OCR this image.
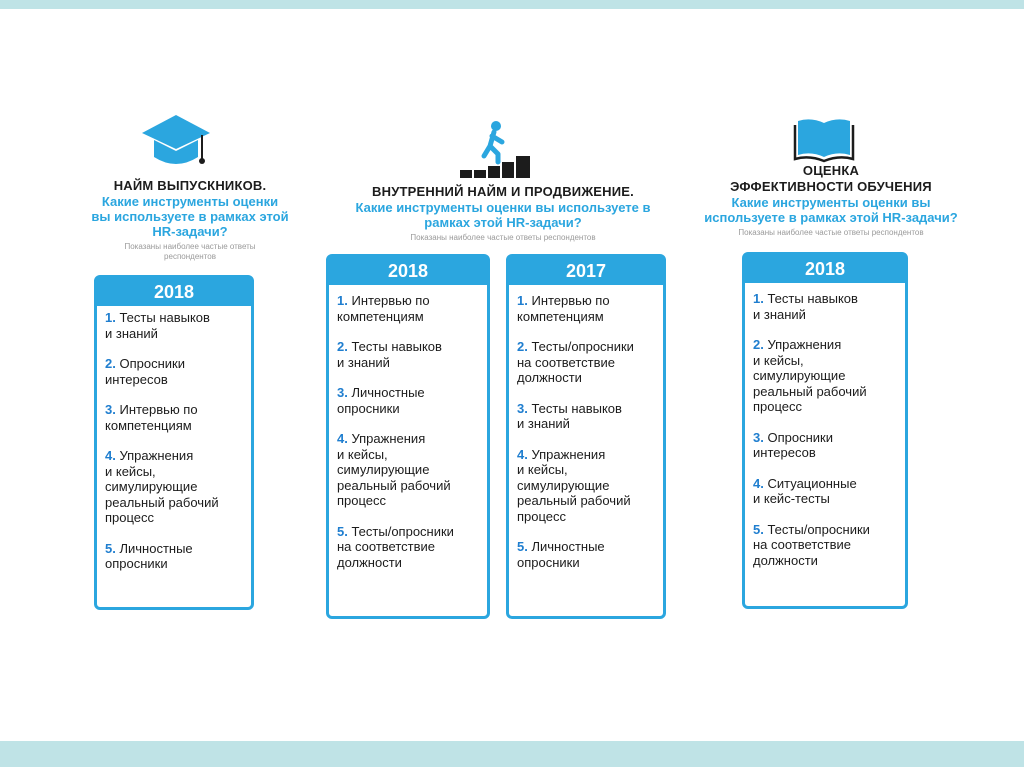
НАЙМ ВЫПУСКНИКОВ.
Какие инструменты оценки
вы используете в рамках этой
HR-задачи?
Показаны наиболее частые ответы
респондентов
ВНУТРЕННИЙ НАЙМ И ПРОДВИЖЕНИЕ.
Какие инструменты оценки вы используете в
рамках этой HR-задачи?
Показаны наиболее частые ответы респондентов
ОЦЕНКА
ЭФФЕКТИВНОСТИ ОБУЧЕНИЯ
Какие инструменты оценки вы
используете в рамках этой HR-задачи?
Показаны наиболее частые ответы респондентов
2018
1. Тесты навыков
и знаний
2. Опросники
интересов
3. Интервью по
компетенциям
4. Упражнения
и кейсы,
симулирующие
реальный рабочий
процесс
5. Личностные
опросники
2018
1. Интервью по
компетенциям
2. Тесты навыков
и знаний
3. Личностные
опросники
4. Упражнения
и кейсы,
симулирующие
реальный рабочий
процесс
5. Тесты/опросники
на соответствие
должности
2017
1. Интервью по
компетенциям
2. Тесты/опросники
на соответствие
должности
3. Тесты навыков
и знаний
4. Упражнения
и кейсы,
симулирующие
реальный рабочий
процесс
5. Личностные
опросники
2018
1. Тесты навыков
и знаний
2. Упражнения
и кейсы,
симулирующие
реальный рабочий
процесс
3. Опросники
интересов
4. Ситуационные
и кейс-тесты
5. Тесты/опросники
на соответствие
должности
